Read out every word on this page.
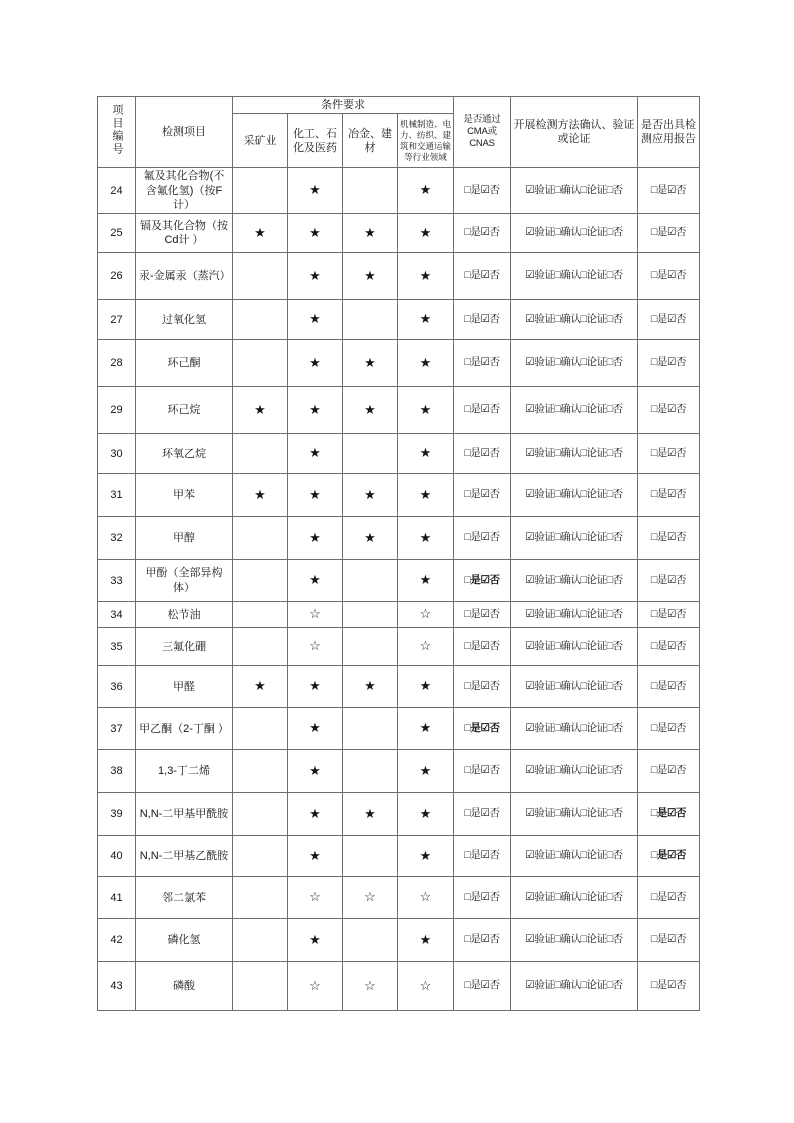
项目编号	检测项目	条件要求				是否通过CMA或CNAS	开展检测方法确认、验证或论证	是否出具检测应用报告
		采矿业	化工、石化及医药	冶金、建材	机械制造、电力、纺织、建筑和交通运输等行业领域			
24	氟及其化合物(不含氟化氢)（按F计）		★		★	□是☑否	☑验证□确认□论证□否	□是☑否
25	镉及其化合物（按Cd计 ）	★	★	★	★	□是☑否	☑验证□确认□论证□否	□是☑否
26	汞-金属汞（蒸汽）		★	★	★	□是☑否	☑验证□确认□论证□否	□是☑否
27	过氧化氢		★		★	□是☑否	☑验证□确认□论证□否	□是☑否
28	环己酮		★	★	★	□是☑否	☑验证□确认□论证□否	□是☑否
29	环己烷	★	★	★	★	□是☑否	☑验证□确认□论证□否	□是☑否
30	环氧乙烷		★		★	□是☑否	☑验证□确认□论证□否	□是☑否
31	甲苯	★	★	★	★	□是☑否	☑验证□确认□论证□否	□是☑否
32	甲醇		★	★	★	□是☑否	☑验证□确认□论证□否	□是☑否
33	甲酚（全部异构体）		★		★	□是☑否	☑验证□确认□论证□否	□是☑否
34	松节油		☆		☆	□是☑否	☑验证□确认□论证□否	□是☑否
35	三氟化硼		☆		☆	□是☑否	☑验证□确认□论证□否	□是☑否
36	甲醛	★	★	★	★	□是☑否	☑验证□确认□论证□否	□是☑否
37	甲乙酮（2-丁酮 ）		★		★	□是☑否	☑验证□确认□论证□否	□是☑否
38	1,3-丁二烯		★		★	□是☑否	☑验证□确认□论证□否	□是☑否
39	N,N-二甲基甲酰胺		★	★	★	□是☑否	☑验证□确认□论证□否	□是☑否
40	N,N-二甲基乙酰胺		★		★	□是☑否	☑验证□确认□论证□否	□是☑否
41	邻二氯苯		☆	☆	☆	□是☑否	☑验证□确认□论证□否	□是☑否
42	磷化氢		★		★	□是☑否	☑验证□确认□论证□否	□是☑否
43	磷酸		☆	☆	☆	□是☑否	☑验证□确认□论证□否	□是☑否
